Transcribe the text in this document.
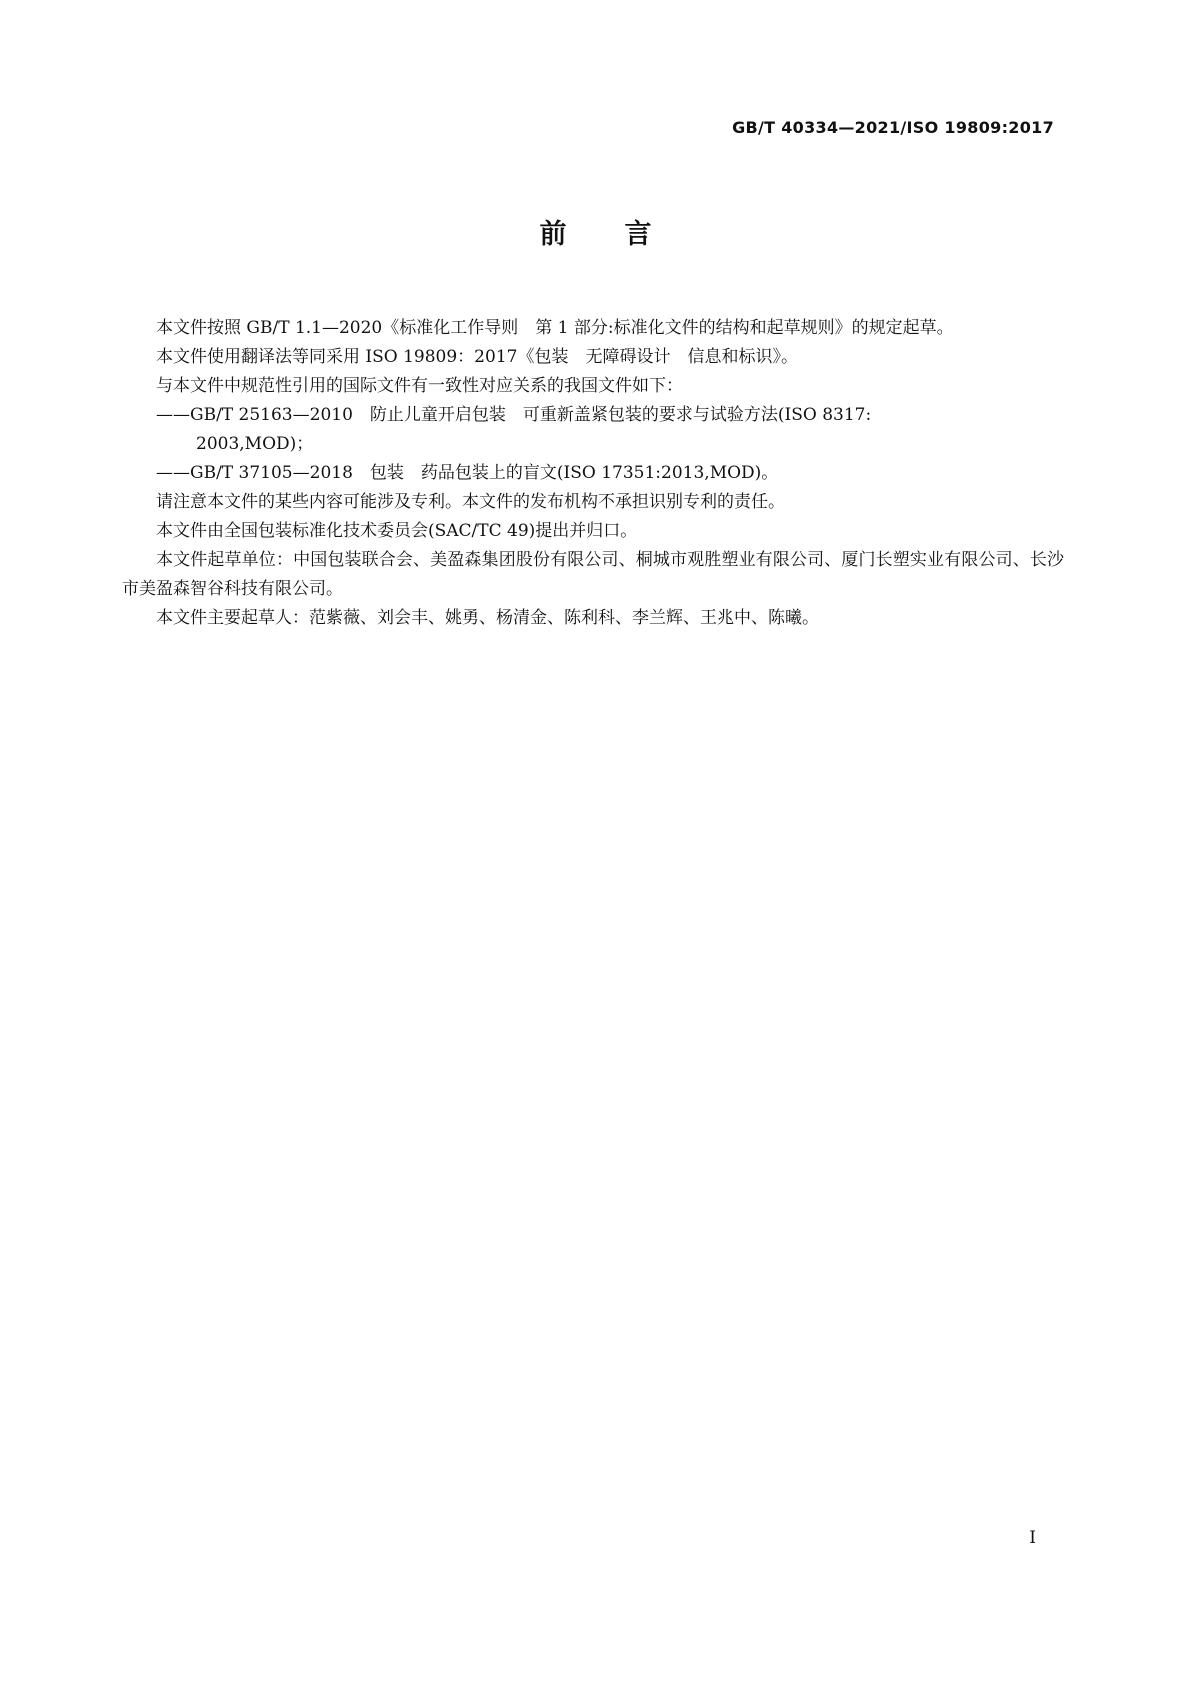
GB/T 40334—2021/ISO 19809:2017
前言

本文件按照 GB/T 1.1—2020《标准化工作导则　第 1 部分:标准化文件的结构和起草规则》的规定起草。

本文件使用翻译法等同采用 ISO 19809：2017《包装　无障碍设计　信息和标识》。

与本文件中规范性引用的国际文件有一致性对应关系的我国文件如下：

——GB/T 25163—2010　防止儿童开启包装　可重新盖紧包装的要求与试验方法(ISO 8317:
2003,MOD)；

——GB/T 37105—2018　包装　药品包装上的盲文(ISO 17351:2013,MOD)。

请注意本文件的某些内容可能涉及专利。本文件的发布机构不承担识别专利的责任。

本文件由全国包装标准化技术委员会(SAC/TC 49)提出并归口。

本文件起草单位：中国包装联合会、美盈森集团股份有限公司、桐城市观胜塑业有限公司、厦门长塑实业有限公司、长沙市美盈森智谷科技有限公司。

本文件主要起草人：范紫薇、刘会丰、姚勇、杨清金、陈利科、李兰辉、王兆中、陈曦。

I
